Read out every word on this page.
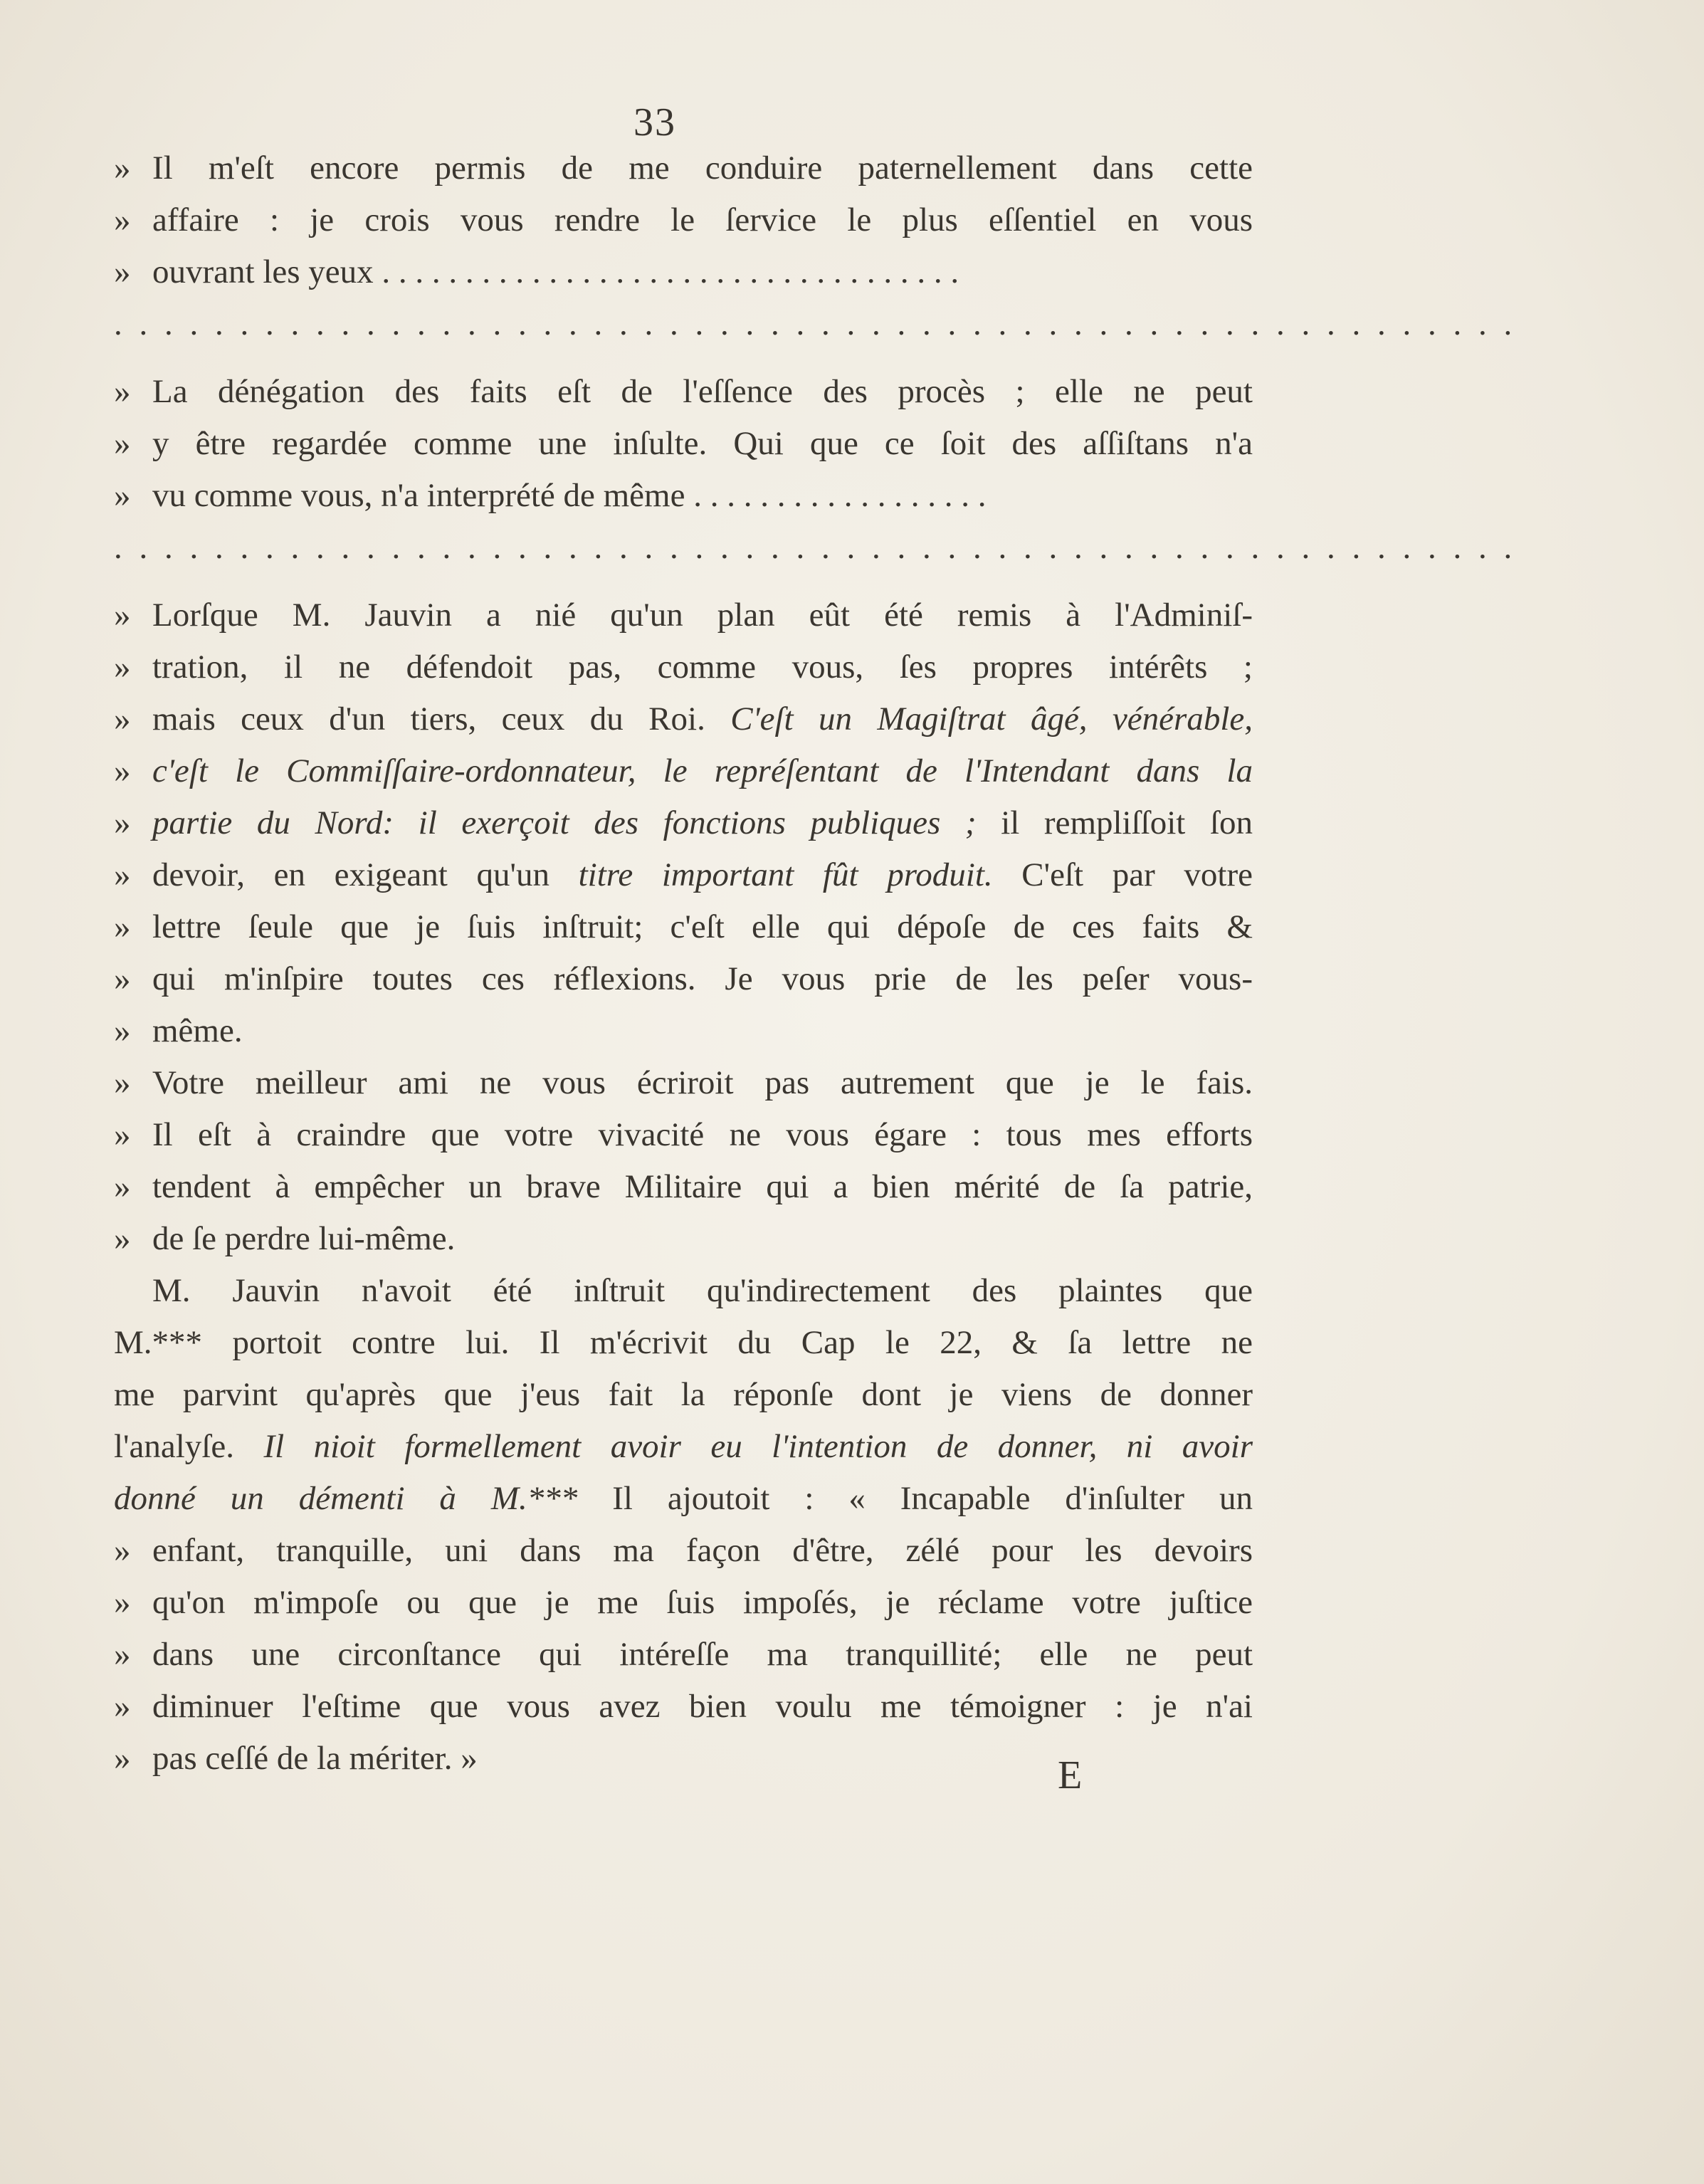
33
» Il m'eſt encore permis de me conduire paternellement dans cette
» affaire : je crois vous rendre le ſervice le plus eſſentiel en vous
» ouvrant les yeux . . . . . . . . . . . . . . . . . . . . . . . . . . . . . . . . . . .
. . . . . . . . . . . . . . . . . . . . . . . . . . . . . . . . . . . . . . . . . . . . . . . . . . . . . . . .
» La dénégation des faits eſt de l'eſſence des procès ; elle ne peut
» y être regardée comme une inſulte. Qui que ce ſoit des aſſiſtans n'a
» vu comme vous, n'a interprété de même . . . . . . . . . . . . . . . . . .
. . . . . . . . . . . . . . . . . . . . . . . . . . . . . . . . . . . . . . . . . . . . . . . . . . . . . . . .
» Lorſque M. Jauvin a nié qu'un plan eût été remis à l'Adminiſ-
» tration, il ne défendoit pas, comme vous, ſes propres intérêts ;
» mais ceux d'un tiers, ceux du Roi. C'eſt un Magiſtrat âgé, vénérable,
» c'eſt le Commiſſaire-ordonnateur, le repréſentant de l'Intendant dans la
» partie du Nord: il exerçoit des fonctions publiques ; il rempliſſoit ſon
» devoir, en exigeant qu'un titre important fût produit. C'eſt par votre
» lettre ſeule que je ſuis inſtruit; c'eſt elle qui dépoſe de ces faits &
» qui m'inſpire toutes ces réflexions. Je vous prie de les peſer vous-
» même.
» Votre meilleur ami ne vous écriroit pas autrement que je le fais.
» Il eſt à craindre que votre vivacité ne vous égare : tous mes efforts
» tendent à empêcher un brave Militaire qui a bien mérité de ſa patrie,
» de ſe perdre lui-même.
M. Jauvin n'avoit été inſtruit qu'indirectement des plaintes que
M.*** portoit contre lui. Il m'écrivit du Cap le 22, & ſa lettre ne
me parvint qu'après que j'eus fait la réponſe dont je viens de donner
l'analyſe. Il nioit formellement avoir eu l'intention de donner, ni avoir
donné un démenti à M.*** Il ajoutoit : « Incapable d'inſulter un
» enfant, tranquille, uni dans ma façon d'être, zélé pour les devoirs
» qu'on m'impoſe ou que je me ſuis impoſés, je réclame votre juſtice
» dans une circonſtance qui intéreſſe ma tranquillité; elle ne peut
» diminuer l'eſtime que vous avez bien voulu me témoigner : je n'ai
» pas ceſſé de la mériter. »	E
